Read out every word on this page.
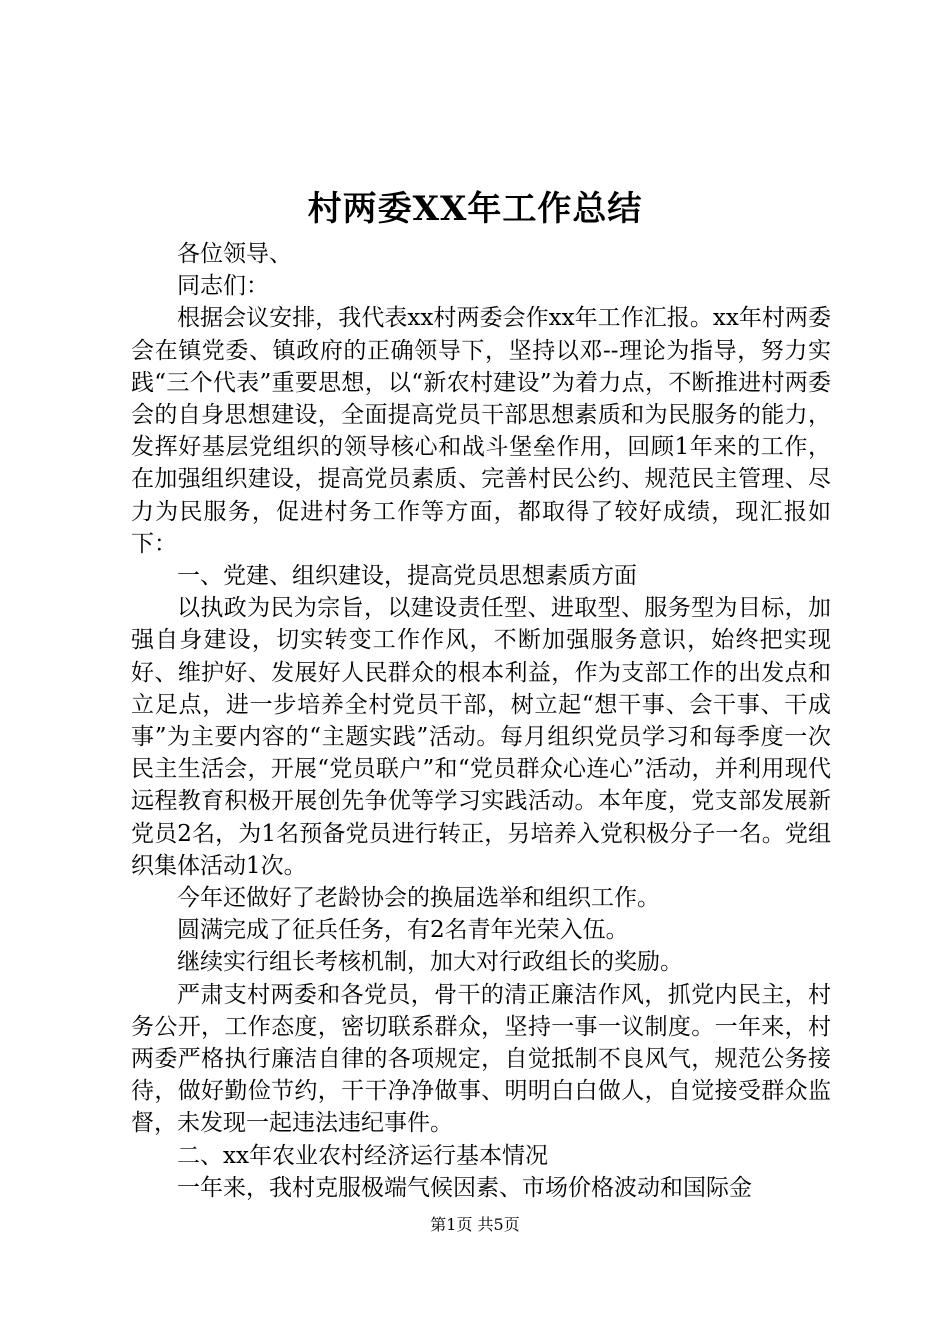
村两委XX年工作总结

各位领导、

同志们：

根据会议安排，我代表xx村两委会作xx年工作汇报。xx年村两委会在镇党委、镇政府的正确领导下，坚持以邓--理论为指导，努力实践“三个代表”重要思想，以“新农村建设”为着力点，不断推进村两委会的自身思想建设，全面提高党员干部思想素质和为民服务的能力，发挥好基层党组织的领导核心和战斗堡垒作用，回顾1年来的工作，在加强组织建设，提高党员素质、完善村民公约、规范民主管理、尽力为民服务，促进村务工作等方面，都取得了较好成绩，现汇报如下：

一、党建、组织建设，提高党员思想素质方面

以执政为民为宗旨，以建设责任型、进取型、服务型为目标，加强自身建设，切实转变工作作风，不断加强服务意识，始终把实现好、维护好、发展好人民群众的根本利益，作为支部工作的出发点和立足点，进一步培养全村党员干部，树立起“想干事、会干事、干成事”为主要内容的“主题实践”活动。每月组织党员学习和每季度一次民主生活会，开展“党员联户”和“党员群众心连心”活动，并利用现代远程教育积极开展创先争优等学习实践活动。本年度，党支部发展新党员2名，为1名预备党员进行转正，另培养入党积极分子一名。党组织集体活动1次。

今年还做好了老龄协会的换届选举和组织工作。

圆满完成了征兵任务，有2名青年光荣入伍。

继续实行组长考核机制，加大对行政组长的奖励。

严肃支村两委和各党员，骨干的清正廉洁作风，抓党内民主，村务公开，工作态度，密切联系群众，坚持一事一议制度。一年来，村两委严格执行廉洁自律的各项规定，自觉抵制不良风气，规范公务接待，做好勤俭节约，干干净净做事、明明白白做人，自觉接受群众监督，未发现一起违法违纪事件。

二、xx年农业农村经济运行基本情况

一年来，我村克服极端气候因素、市场价格波动和国际金

第1页 共5页
